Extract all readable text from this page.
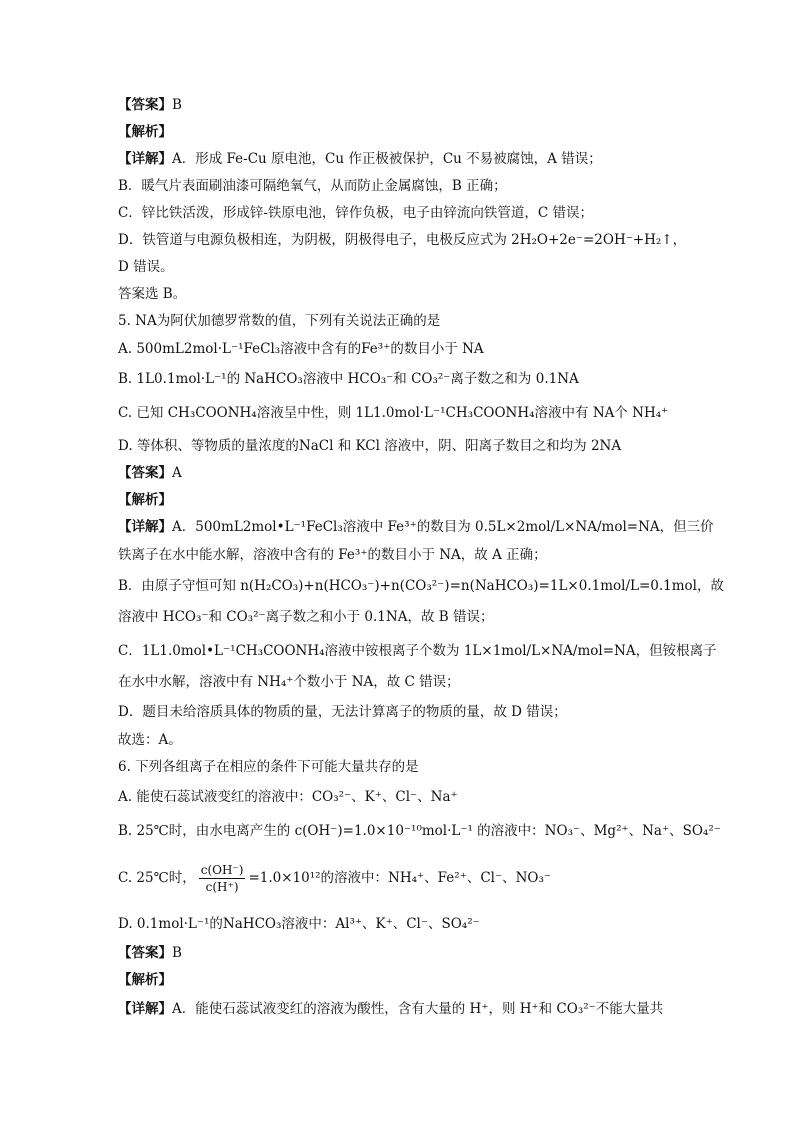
【答案】B
【解析】
【详解】A．形成 Fe-Cu 原电池，Cu 作正极被保护，Cu 不易被腐蚀，A 错误；
B．暖气片表面刷油漆可隔绝氧气，从而防止金属腐蚀，B 正确；
C．锌比铁活泼，形成锌-铁原电池，锌作负极，电子由锌流向铁管道，C 错误；
D．铁管道与电源负极相连，为阴极，阴极得电子，电极反应式为 2H₂O+2e⁻=2OH⁻+H₂↑，
D 错误。
答案选 B。
5. NA为阿伏加德罗常数的值，下列有关说法正确的是
A. 500mL2mol·L⁻¹FeCl₃溶液中含有的Fe³⁺的数目小于 NA
B. 1L0.1mol·L⁻¹的 NaHCO₃溶液中 HCO₃⁻和 CO₃²⁻离子数之和为 0.1NA
C. 已知 CH₃COONH₄溶液呈中性，则 1L1.0mol·L⁻¹CH₃COONH₄溶液中有 NA个 NH₄⁺
D. 等体积、等物质的量浓度的NaCl 和 KCl 溶液中，阴、阳离子数目之和均为 2NA
【答案】A
【解析】
【详解】A．500mL2mol•L⁻¹FeCl₃溶液中 Fe³⁺的数目为 0.5L×2mol/L×NA/mol=NA，但三价
铁离子在水中能水解，溶液中含有的 Fe³⁺的数目小于 NA，故 A 正确；
B．由原子守恒可知 n(H₂CO₃)+n(HCO₃⁻)+n(CO₃²⁻)=n(NaHCO₃)=1L×0.1mol/L=0.1mol，故
溶液中 HCO₃⁻和 CO₃²⁻离子数之和小于 0.1NA，故 B 错误；
C．1L1.0mol•L⁻¹CH₃COONH₄溶液中铵根离子个数为 1L×1mol/L×NA/mol=NA，但铵根离子
在水中水解，溶液中有 NH₄⁺个数小于 NA，故 C 错误；
D．题目未给溶质具体的物质的量，无法计算离子的物质的量，故 D 错误；
故选：A。
6. 下列各组离子在相应的条件下可能大量共存的是
A. 能使石蕊试液变红的溶液中：CO₃²⁻、K⁺、Cl⁻、Na⁺
B. 25℃时，由水电离产生的 c(OH⁻)=1.0×10⁻¹⁰mol·L⁻¹ 的溶液中：NO₃⁻、Mg²⁺、Na⁺、SO₄²⁻
C. 25℃时， $\frac{c(OH^-)}{c(H^+)} =1.0\times 10^{12}$的溶液中：NH₄⁺、Fe²⁺、Cl⁻、NO₃⁻
D. 0.1mol·L⁻¹的NaHCO₃溶液中：Al³⁺、K⁺、Cl⁻、SO₄²⁻
【答案】B
【解析】
【详解】A．能使石蕊试液变红的溶液为酸性，含有大量的 H⁺，则 H⁺和 CO₃²⁻不能大量共
